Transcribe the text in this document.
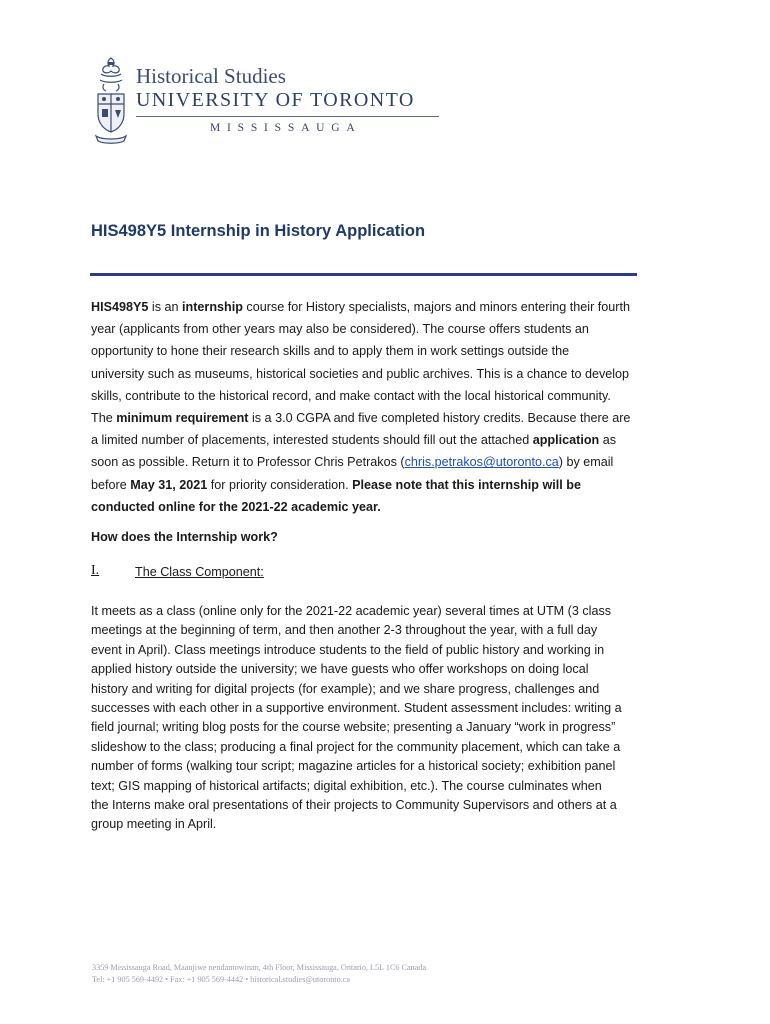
Historical Studies
UNIVERSITY OF TORONTO
MISSISSAUGA
HIS498Y5 Internship in History Application
HIS498Y5 is an internship course for History specialists, majors and minors entering their fourth
year (applicants from other years may also be considered). The course offers students an
opportunity to hone their research skills and to apply them in work settings outside the
university such as museums, historical societies and public archives. This is a chance to develop
skills, contribute to the historical record, and make contact with the local historical community.
The minimum requirement is a 3.0 CGPA and five completed history credits. Because there are
a limited number of placements, interested students should fill out the attached application as
soon as possible. Return it to Professor Chris Petrakos (chris.petrakos@utoronto.ca) by email
before May 31, 2021 for priority consideration. Please note that this internship will be
conducted online for the 2021-22 academic year.
How does the Internship work?
I.	The Class Component:
It meets as a class (online only for the 2021-22 academic year) several times at UTM (3 class
meetings at the beginning of term, and then another 2-3 throughout the year, with a full day
event in April). Class meetings introduce students to the field of public history and working in
applied history outside the university; we have guests who offer workshops on doing local
history and writing for digital projects (for example); and we share progress, challenges and
successes with each other in a supportive environment. Student assessment includes: writing a
field journal; writing blog posts for the course website; presenting a January “work in progress”
slideshow to the class; producing a final project for the community placement, which can take a
number of forms (walking tour script; magazine articles for a historical society; exhibition panel
text; GIS mapping of historical artifacts; digital exhibition, etc.). The course culminates when
the Interns make oral presentations of their projects to Community Supervisors and others at a
group meeting in April.
3359 Mississauga Road, Maanjiwe nendamowinan, 4th Floor, Mississauga, Ontario, L5L 1C6 Canada
Tel: +1 905 569-4492 • Fax: +1 905 569-4442 • historical.studies@utoronto.ca
